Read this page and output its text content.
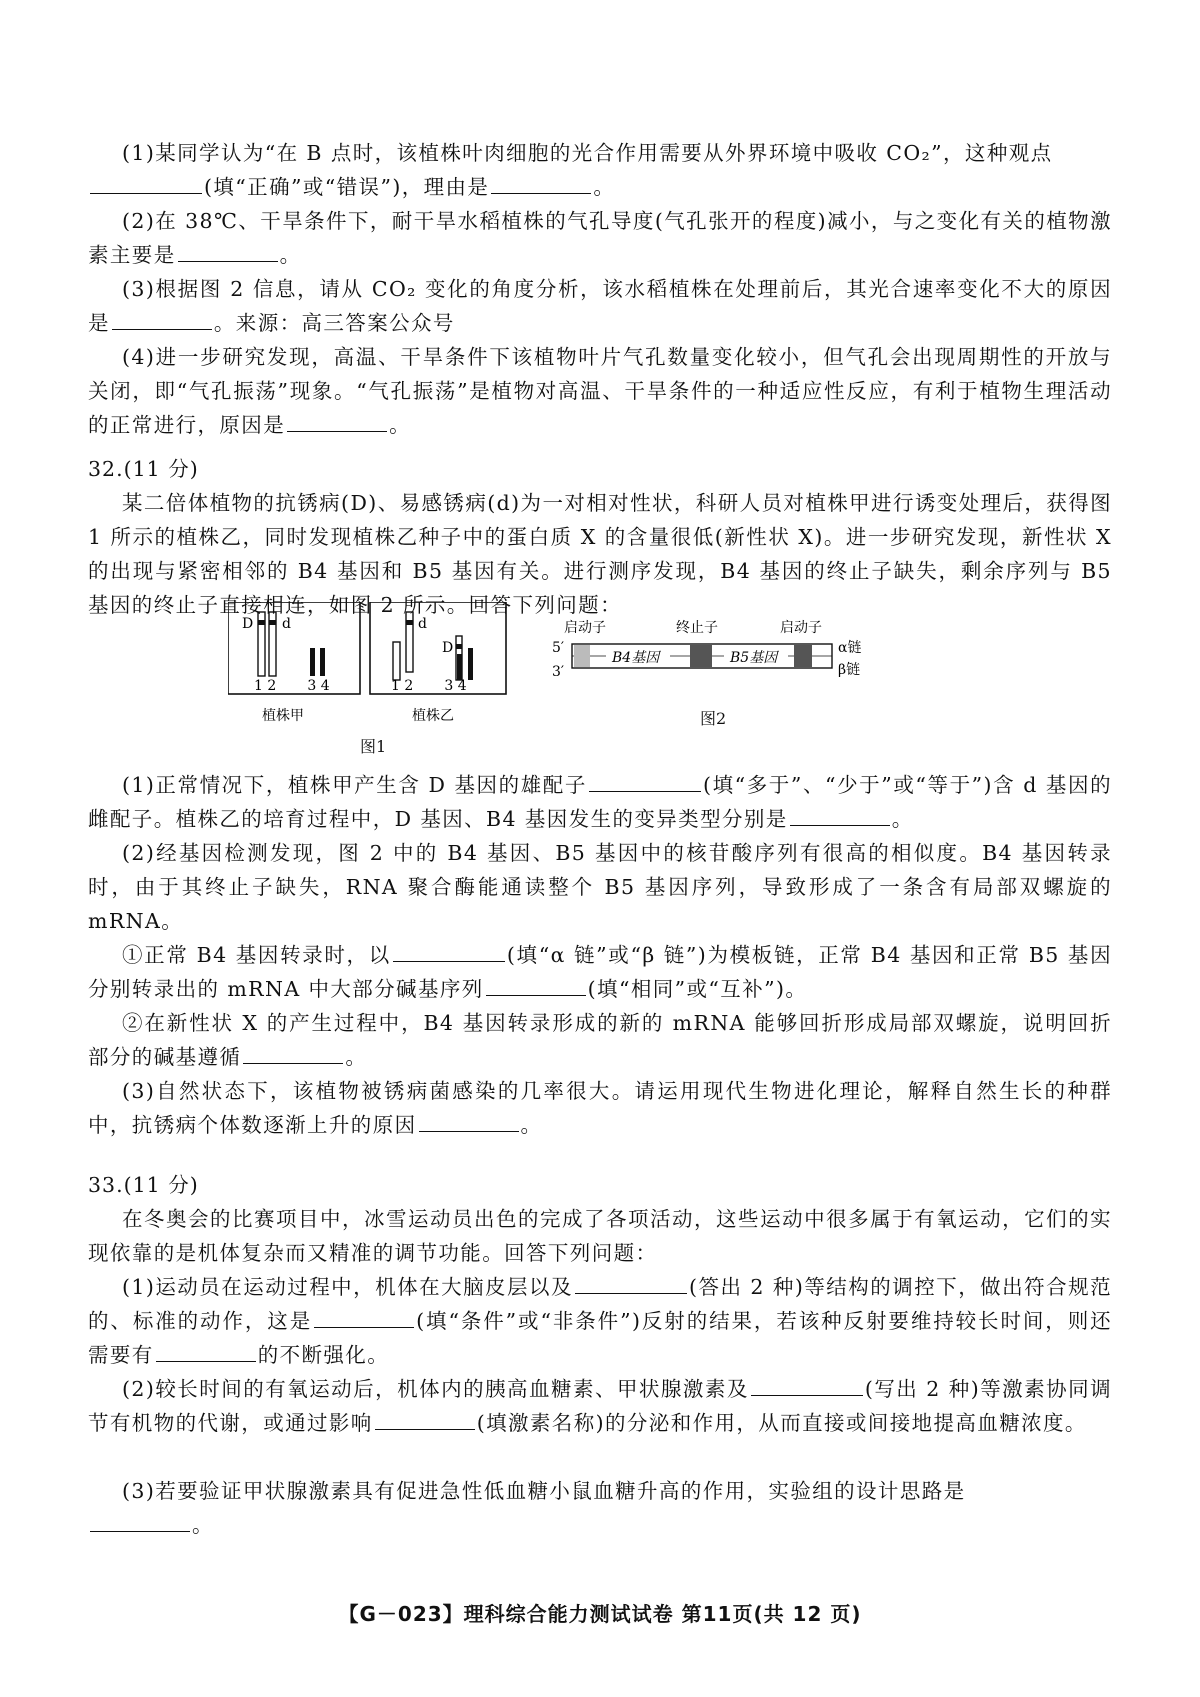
(1)某同学认为“在 B 点时，该植株叶肉细胞的光合作用需要从外界环境中吸收 CO₂”，这种观点
(填“正确”或“错误”)，理由是	。

(2)在 38℃、干旱条件下，耐干旱水稻植株的气孔导度(气孔张开的程度)减小，与之变化有关的植物激素主要是	。

(3)根据图 2 信息，请从 CO₂ 变化的角度分析，该水稻植株在处理前后，其光合速率变化不大的原因是	。来源：高三答案公众号

(4)进一步研究发现，高温、干旱条件下该植物叶片气孔数量变化较小，但气孔会出现周期性的开放与关闭，即“气孔振荡”现象。“气孔振荡”是植物对高温、干旱条件的一种适应性反应，有利于植物生理活动的正常进行，原因是	。

32.(11 分)

某二倍体植物的抗锈病(D)、易感锈病(d)为一对相对性状，科研人员对植株甲进行诱变处理后，获得图 1 所示的植株乙，同时发现植株乙种子中的蛋白质 X 的含量很低(新性状 X)。进一步研究发现，新性状 X 的出现与紧密相邻的 B4 基因和 B5 基因有关。进行测序发现，B4 基因的终止子缺失，剩余序列与 B5 基因的终止子直接相连，如图 2 所示。回答下列问题：

D d
1 2       3 4
d
D
1 2       3 4
植株甲	植株乙
图1
启动子	终止子	启动子
5′
3′
B4基因	B5基因
α链
β链
图2

(1)正常情况下，植株甲产生含 D 基因的雄配子	(填“多于”、“少于”或“等于”)含 d 基因的雌配子。植株乙的培育过程中，D 基因、B4 基因发生的变异类型分别是	。

(2)经基因检测发现，图 2 中的 B4 基因、B5 基因中的核苷酸序列有很高的相似度。B4 基因转录时，由于其终止子缺失，RNA 聚合酶能通读整个 B5 基因序列，导致形成了一条含有局部双螺旋的 mRNA。

①正常 B4 基因转录时，以	(填“α 链”或“β 链”)为模板链，正常 B4 基因和正常 B5 基因分别转录出的 mRNA 中大部分碱基序列	(填“相同”或“互补”)。

②在新性状 X 的产生过程中，B4 基因转录形成的新的 mRNA 能够回折形成局部双螺旋，说明回折部分的碱基遵循	。

(3)自然状态下，该植物被锈病菌感染的几率很大。请运用现代生物进化理论，解释自然生长的种群中，抗锈病个体数逐渐上升的原因	。

33.(11 分)

在冬奥会的比赛项目中，冰雪运动员出色的完成了各项活动，这些运动中很多属于有氧运动，它们的实现依靠的是机体复杂而又精准的调节功能。回答下列问题：

(1)运动员在运动过程中，机体在大脑皮层以及	(答出 2 种)等结构的调控下，做出符合规范的、标准的动作，这是	(填“条件”或“非条件”)反射的结果，若该种反射要维持较长时间，则还需要有	的不断强化。

(2)较长时间的有氧运动后，机体内的胰高血糖素、甲状腺激素及	(写出 2 种)等激素协同调节有机物的代谢，或通过影响	(填激素名称)的分泌和作用，从而直接或间接地提高血糖浓度。

(3)若要验证甲状腺激素具有促进急性低血糖小鼠血糖升高的作用，实验组的设计思路是
。

【G－023】理科综合能力测试试卷 第11页(共 12 页)
